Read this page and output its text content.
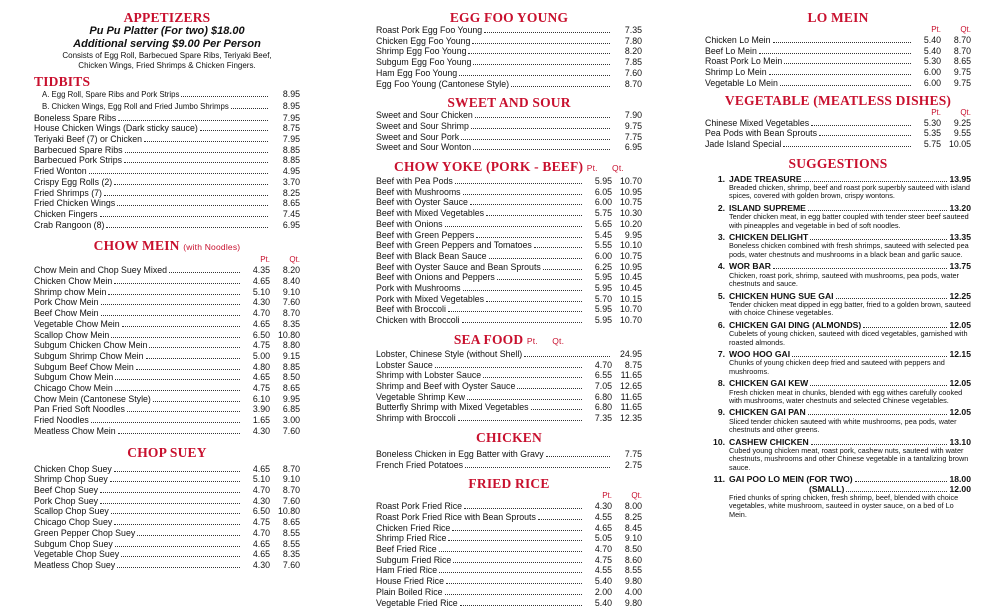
APPETIZERS
Pu Pu Platter (For two) $18.00
Additional serving $9.00 Per Person
Consists of Egg Roll, Barbecued Spare Ribs, Teriyaki Beef,
Chicken Wings, Fried Shrimps & Chicken Fingers.
TIDBITS
A. Egg Roll, Spare Ribs and Pork Strips	8.95
B. Chicken Wings, Egg Roll and Fried Jumbo Shrimps	8.95
Boneless Spare Ribs	7.95
House Chicken Wings (Dark sticky sauce)	8.75
Teriyaki Beef (7) or Chicken	7.95
Barbecued Spare Ribs	8.85
Barbecued Pork Strips	8.85
Fried Wonton	4.95
Crispy Egg Rolls (2)	3.70
Fried Shrimps (7)	8.25
Fried Chicken Wings	8.65
Chicken Fingers	7.45
Crab Rangoon (8)	6.95
CHOW MEIN (with Noodles)
Pt.	Qt.
Chow Mein and Chop Suey Mixed	4.35	8.20
Chicken Chow Mein	4.65	8.40
Shrimp chow Mein	5.10	9.10
Pork Chow Mein	4.30	7.60
Beef Chow Mein	4.70	8.70
Vegetable Chow Mein	4.65	8.35
Scallop Chow Mein	6.50 10.80
Subgum Chicken Chow Mein	4.75	8.80
Subgum Shrimp Chow Mein	5.00	9.15
Subgum Beef Chow Mein	4.80	8.85
Subgum Chow Mein	4.65	8.50
Chicago Chow Mein	4.75	8.65
Chow Mein (Cantonese Style)	6.10	9.95
Pan Fried Soft Noodles	3.90	6.85
Fried Noodles	1.65	3.00
Meatless Chow Mein	4.30	7.60
CHOP SUEY
Chicken Chop Suey	4.65	8.70
Shrimp Chop Suey	5.10	9.10
Beef Chop Suey	4.70	8.70
Pork Chop Suey	4.30	7.60
Scallop Chop Suey	6.50 10.80
Chicago Chop Suey	4.75	8.65
Green Pepper Chop Suey	4.70	8.55
Subgum Chop Suey	4.65	8.55
Vegetable Chop Suey	4.65	8.35
Meatless Chop Suey	4.30	7.60
EGG FOO YOUNG
Roast Pork Egg Foo Young	7.35
Chicken Egg Foo Young	7.80
Shrimp Egg Foo Young	8.20
Subgum Egg Foo Young	7.85
Ham Egg Foo Young	7.60
Egg Foo Young (Cantonese Style)	8.70
SWEET AND SOUR
Sweet and Sour Chicken	7.90
Sweet and Sour Shrimp	9.75
Sweet and Sour Pork	7.75
Sweet and Sour Wonton	6.95
CHOW YOKE (PORK - BEEF) Pt. Qt.
Beef with Pea Pods	5.95 10.70
Beef with Mushrooms	6.05 10.95
Beef with Oyster Sauce	6.00 10.75
Beef with Mixed Vegetables	5.75 10.30
Beef with Onions	5.65 10.20
Beef with Green Peppers	5.45	9.95
Beef with Green Peppers and Tomatoes	5.55 10.10
Beef with Black Bean Sauce	6.00 10.75
Beef with Oyster Sauce and Bean Sprouts	6.25 10.95
Beef with Onions and Peppers	5.95 10.45
Pork with Mushrooms	5.95 10.45
Pork with Mixed Vegetables	5.70 10.15
Beef with Broccoli	5.95 10.70
Chicken with Broccoli	5.95 10.70
SEA FOOD Pt. Qt.
Lobster, Chinese Style (without Shell)	24.95
Lobster Sauce	4.70	8.75
Shrimp with Lobster Sauce	6.55 11.65
Shrimp and Beef with Oyster Sauce	7.05 12.65
Vegetable Shrimp Kew	6.80 11.65
Butterfly Shrimp with Mixed Vegetables	6.80 11.65
Shrimp with Broccoli	7.35 12.35
CHICKEN
Boneless Chicken in Egg Batter with Gravy	7.75
French Fried Potatoes	2.75
FRIED RICE
Pt.	Qt.
Roast Pork Fried Rice	4.30	8.00
Roast Pork Fried Rice with Bean Sprouts	4.55	8.25
Chicken Fried Rice	4.65	8.45
Shrimp Fried Rice	5.05	9.10
Beef Fried Rice	4.70	8.50
Subgum Fried Rice	4.75	8.60
Ham Fried Rice	4.55	8.55
House Fried Rice	5.40	9.80
Plain Boiled Rice	2.00	4.00
Vegetable Fried Rice	5.40	9.80
LO MEIN
Pt.	Qt.
Chicken Lo Mein	5.40	8.70
Beef Lo Mein	5.40	8.70
Roast Pork Lo Mein	5.30	8.65
Shrimp Lo Mein	6.00	9.75
Vegetable Lo Mein	6.00	9.75
VEGETABLE (MEATLESS DISHES)
Pt.	Qt.
Chinese Mixed Vegetables	5.30	9.25
Pea Pods with Bean Sprouts	5.35	9.55
Jade Island Special	5.75 10.05
SUGGESTIONS
1. JADE TREASURE	13.95
Breaded chicken, shrimp, beef and roast pork superbly sauteed with island spices, covered with golden brown, crispy wontons.
2. ISLAND SUPREME	13.20
Tender chicken meat, in egg batter coupled with tender steer beef sauteed with pineapples and vegetable in bed of soft noodles.
3. CHICKEN DELIGHT	13.35
Boneless chicken combined with fresh shrimps, sauteed with selected pea pods, water chestnuts and mushrooms in a black bean and garlic sauce.
4. WOR BAR	13.75
Chicken, roast pork, shrimp, sauteed with mushrooms, pea pods, water chestnuts and sauce.
5. CHICKEN HUNG SUE GAI	12.25
Tender chicken meat dipped in egg batter, fried to a golden brown, sauteed with choice Chinese vegetables.
6. CHICKEN GAI DING (ALMONDS)	12.05
Cubelets of young chicken, sauteed with diced vegetables, garnished with roasted almonds.
7. WOO HOO GAI	12.15
Chunks of young chicken deep fried and sauteed with peppers and mushrooms.
8. CHICKEN GAI KEW	12.05
Fresh chicken meat in chunks, blended with egg withes carefully cooked with mushrooms, water chestnuts and selected Chinese vegetables.
9. CHICKEN GAI PAN	12.05
Sliced tender chicken sauteed with white mushrooms, pea pods, water chestnuts and other greens.
10. CASHEW CHICKEN	13.10
Cubed young chicken meat, roast pork, cashew nuts, sauteed with water chestnuts, mushrooms and other Chinese vegetable in a tantalizing brown sauce.
11. GAI POO LO MEIN (FOR TWO)	18.00
(SMALL)	12.00
Fried chunks of spring chicken, fresh shrimp, beef, blended with choice vegetables, white mushroom, sauteed in oyster sauce, on a bed of Lo Mein.
